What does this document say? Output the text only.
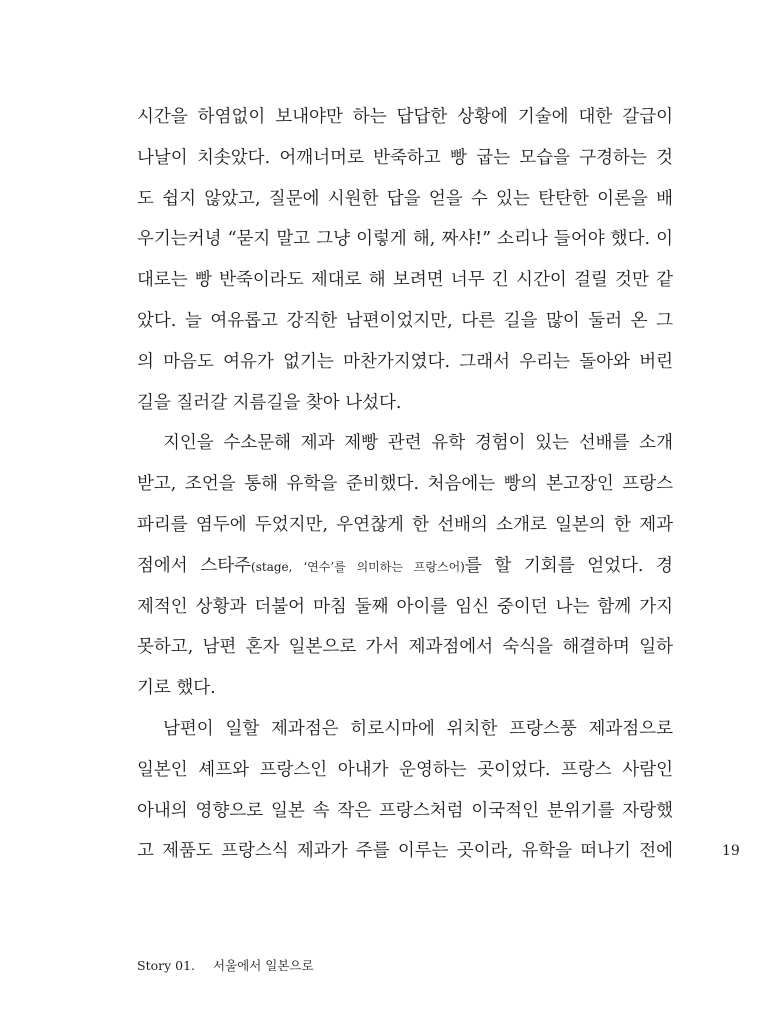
시간을 하염없이 보내야만 하는 답답한 상황에 기술에 대한 갈급이
나날이 치솟았다. 어깨너머로 반죽하고 빵 굽는 모습을 구경하는 것
도 쉽지 않았고, 질문에 시원한 답을 얻을 수 있는 탄탄한 이론을 배
우기는커녕 “묻지 말고 그냥 이렇게 해, 짜샤!” 소리나 들어야 했다. 이
대로는 빵 반죽이라도 제대로 해 보려면 너무 긴 시간이 걸릴 것만 같
았다. 늘 여유롭고 강직한 남편이었지만, 다른 길을 많이 둘러 온 그
의 마음도 여유가 없기는 마찬가지였다. 그래서 우리는 돌아와 버린
길을 질러갈 지름길을 찾아 나섰다.
지인을 수소문해 제과 제빵 관련 유학 경험이 있는 선배를 소개
받고, 조언을 통해 유학을 준비했다. 처음에는 빵의 본고장인 프랑스
파리를 염두에 두었지만, 우연찮게 한 선배의 소개로 일본의 한 제과
점에서 스타주(stage, ‘연수’를 의미하는 프랑스어)를 할 기회를 얻었다. 경
제적인 상황과 더불어 마침 둘째 아이를 임신 중이던 나는 함께 가지
못하고, 남편 혼자 일본으로 가서 제과점에서 숙식을 해결하며 일하
기로 했다.
남편이 일할 제과점은 히로시마에 위치한 프랑스풍 제과점으로
일본인 셰프와 프랑스인 아내가 운영하는 곳이었다. 프랑스 사람인
아내의 영향으로 일본 속 작은 프랑스처럼 이국적인 분위기를 자랑했
고 제품도 프랑스식 제과가 주를 이루는 곳이라, 유학을 떠나기 전에	19
Story 01. 서울에서 일본으로
